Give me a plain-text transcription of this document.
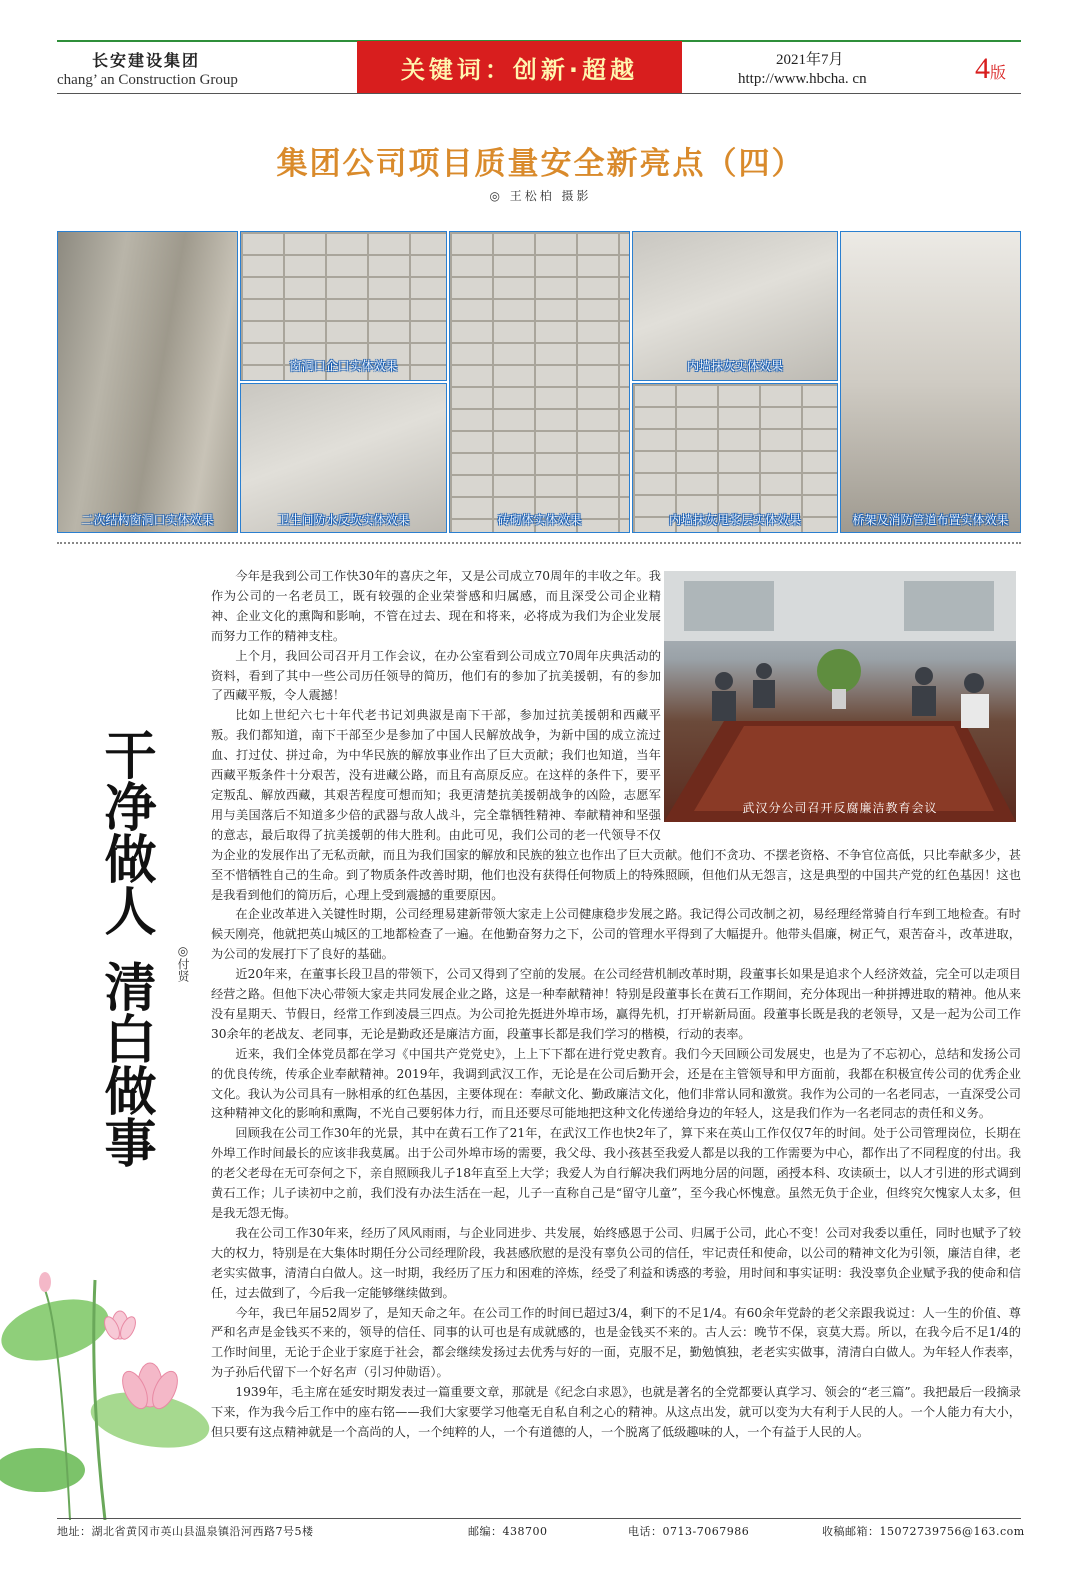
长安建设集团
chang’ an Construction Group	关键词：创新·超越	2021年7月
http://www.hbcha. cn	4版
集团公司项目质量安全新亮点（四）
◎ 王松柏 摄影
二次结构窗洞口实体效果
窗洞口企口实体效果
卫生间防水反坎实体效果	砖砌体实体效果
内墙抹灰实体效果
内墙抹灰甩浆层实体效果	桥架及消防管道布置实体效果
干净做人
清白做事 ◎付贤
武汉分公司召开反腐廉洁教育会议

今年是我到公司工作快30年的喜庆之年，又是公司成立70周年的丰收之年。我作为公司的一名老员工，既有较强的企业荣誉感和归属感，而且深受公司企业精神、企业文化的熏陶和影响，不管在过去、现在和将来，必将成为我们为企业发展而努力工作的精神支柱。

上个月，我回公司召开月工作会议，在办公室看到公司成立70周年庆典活动的资料，看到了其中一些公司历任领导的简历，他们有的参加了抗美援朝，有的参加了西藏平叛，令人震撼！

比如上世纪六七十年代老书记刘典淑是南下干部，参加过抗美援朝和西藏平叛。我们都知道，南下干部至少是参加了中国人民解放战争，为新中国的成立流过血、打过仗、拼过命，为中华民族的解放事业作出了巨大贡献；我们也知道，当年西藏平叛条件十分艰苦，没有进藏公路，而且有高原反应。在这样的条件下，要平定叛乱、解放西藏，其艰苦程度可想而知；我更清楚抗美援朝战争的凶险，志愿军用与美国落后不知道多少倍的武器与敌人战斗，完全靠牺牲精神、奉献精神和坚强的意志，最后取得了抗美援朝的伟大胜利。由此可见，我们公司的老一代领导不仅为企业的发展作出了无私贡献，而且为我们国家的解放和民族的独立也作出了巨大贡献。他们不贪功、不摆老资格、不争官位高低，只比奉献多少，甚至不惜牺牲自己的生命。到了物质条件改善时期，他们也没有获得任何物质上的特殊照顾，但他们从无怨言，这是典型的中国共产党的红色基因！这也是我看到他们的简历后，心理上受到震撼的重要原因。

在企业改革进入关键性时期，公司经理易建新带领大家走上公司健康稳步发展之路。我记得公司改制之初，易经理经常骑自行车到工地检查。有时候天刚亮，他就把英山城区的工地都检查了一遍。在他勤奋努力之下，公司的管理水平得到了大幅提升。他带头倡廉，树正气，艰苦奋斗，改革进取，为公司的发展打下了良好的基础。

近20年来，在董事长段卫昌的带领下，公司又得到了空前的发展。在公司经营机制改革时期，段董事长如果是追求个人经济效益，完全可以走项目经营之路。但他下决心带领大家走共同发展企业之路，这是一种奉献精神！特别是段董事长在黄石工作期间，充分体现出一种拼搏进取的精神。他从来没有星期天、节假日，经常工作到凌晨三四点。为公司抢先挺进外埠市场，赢得先机，打开崭新局面。段董事长既是我的老领导，又是一起为公司工作30余年的老战友、老同事，无论是勤政还是廉洁方面，段董事长都是我们学习的楷模，行动的表率。

近来，我们全体党员都在学习《中国共产党党史》，上上下下都在进行党史教育。我们今天回顾公司发展史，也是为了不忘初心，总结和发扬公司的优良传统，传承企业奉献精神。2019年，我调到武汉工作，无论是在公司后勤开会，还是在主管领导和甲方面前，我都在积极宣传公司的优秀企业文化。我认为公司具有一脉相承的红色基因，主要体现在：奉献文化、勤政廉洁文化，他们非常认同和激赏。我作为公司的一名老同志，一直深受公司这种精神文化的影响和熏陶，不光自己要躬体力行，而且还要尽可能地把这种文化传递给身边的年轻人，这是我们作为一名老同志的责任和义务。

回顾我在公司工作30年的光景，其中在黄石工作了21年，在武汉工作也快2年了，算下来在英山工作仅仅7年的时间。处于公司管理岗位，长期在外埠工作时间最长的应该非我莫属。出于公司外埠市场的需要，我父母、我小孩甚至我爱人都是以我的工作需要为中心，都作出了不同程度的付出。我的老父老母在无可奈何之下，亲自照顾我儿子18年直至上大学；我爱人为自行解决我们两地分居的问题，函授本科、攻读硕士，以人才引进的形式调到黄石工作；儿子读初中之前，我们没有办法生活在一起，儿子一直称自己是“留守儿童”，至今我心怀愧意。虽然无负于企业，但终究欠愧家人太多，但是我无怨无悔。

我在公司工作30年来，经历了风风雨雨，与企业同进步、共发展，始终感恩于公司、归属于公司，此心不变！公司对我委以重任，同时也赋予了较大的权力，特别是在大集体时期任分公司经理阶段，我甚感欣慰的是没有辜负公司的信任，牢记责任和使命，以公司的精神文化为引领，廉洁自律，老老实实做事，清清白白做人。这一时期，我经历了压力和困难的淬炼，经受了利益和诱惑的考验，用时间和事实证明：我没辜负企业赋予我的使命和信任，过去做到了，今后我一定能够继续做到。

今年，我已年届52周岁了，是知天命之年。在公司工作的时间已超过3/4，剩下的不足1/4。有60余年党龄的老父亲跟我说过：人一生的价值、尊严和名声是金钱买不来的，领导的信任、同事的认可也是有成就感的，也是金钱买不来的。古人云：晚节不保，哀莫大焉。所以，在我今后不足1/4的工作时间里，无论于企业于家庭于社会，都会继续发扬过去优秀与好的一面，克服不足，勤勉慎独，老老实实做事，清清白白做人。为年轻人作表率，为子孙后代留下一个好名声（引习仲勋语）。

1939年，毛主席在延安时期发表过一篇重要文章，那就是《纪念白求恩》，也就是著名的全党都要认真学习、领会的“老三篇”。我把最后一段摘录下来，作为我今后工作中的座右铭——我们大家要学习他毫无自私自利之心的精神。从这点出发，就可以变为大有利于人民的人。一个人能力有大小，但只要有这点精神就是一个高尚的人，一个纯粹的人，一个有道德的人，一个脱离了低级趣味的人，一个有益于人民的人。

地址：湖北省黄冈市英山县温泉镇沿河西路7号5楼	邮编：438700	电话：0713-7067986	收稿邮箱：15072739756@163.com
